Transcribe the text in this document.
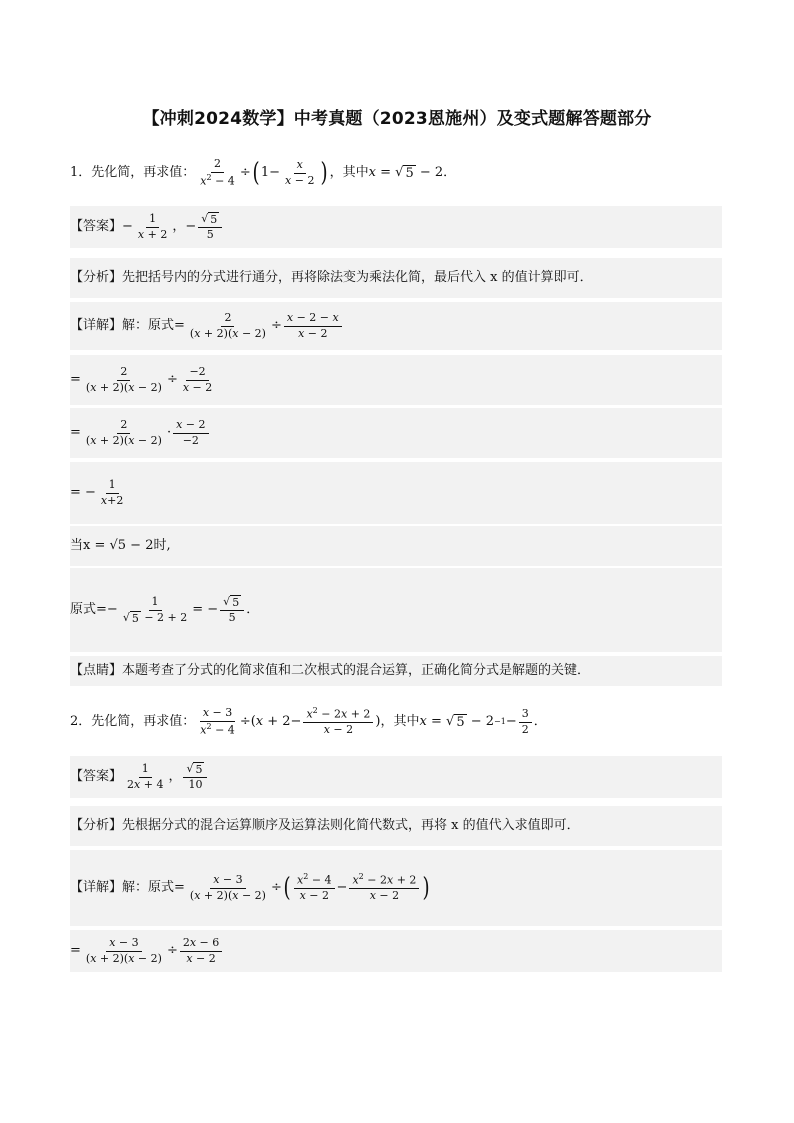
【冲刺2024数学】中考真题（2023恩施州）及变式题解答题部分
1．先化简，再求值： $\frac{2}{x^2 - 4}$ ÷ ( $1- \frac{x}{x - 2}$ ) ，其中 x = √ 5 − 2．
【答案】 − $\frac{1}{x + 2}$ ，− $\frac{√ 5}{5}$
【分析】 先把括号内的分式进行通分，再将除法变为乘法化简，最后代入 x 的值计算即可．
【详解】 解：原式= $\frac{2}{(x + 2)(x - 2)} \div \frac{x - 2 - x}{x - 2}$
= $\frac{2}{(x + 2)(x - 2)} \div \frac{-2}{x - 2}$
= $\frac{2}{(x + 2)(x - 2)} \cdot \frac{x - 2}{-2}$
= − $\frac{1}{x+2}$
当x = √5 − 2时,
原式= − $\frac{1}{√ 5 - 2 + 2}$ = − $\frac{√ 5}{5}$ ．
【点睛】 本题考查了分式的化简求值和二次根式的混合运算，正确化简分式是解题的关键．
2．先化简，再求值： $\frac{x - 3}{x^2 - 4} \div(x + 2- \frac{x^2 - 2x + 2}{x - 2}$ ) ，其中 x = √ $5 - 2 -1 - \frac{3}{2}$ ．
【答案】 $\frac{1}{2x + 4}$ ， $\frac{√ 5}{10}$
【分析】 先根据分式的混合运算顺序及运算法则化简代数式，再将 x 的值代入求值即可．
【详解】 解：原式= $\frac{x - 3}{(x + 2)(x - 2)}$ ÷ ( $\frac{x^2 - 4}{x - 2} - \frac{x^2 - 2x + 2}{x - 2}$ )
= $\frac{x - 3}{(x + 2)(x - 2)} \div \frac{2x - 6}{x - 2}$
